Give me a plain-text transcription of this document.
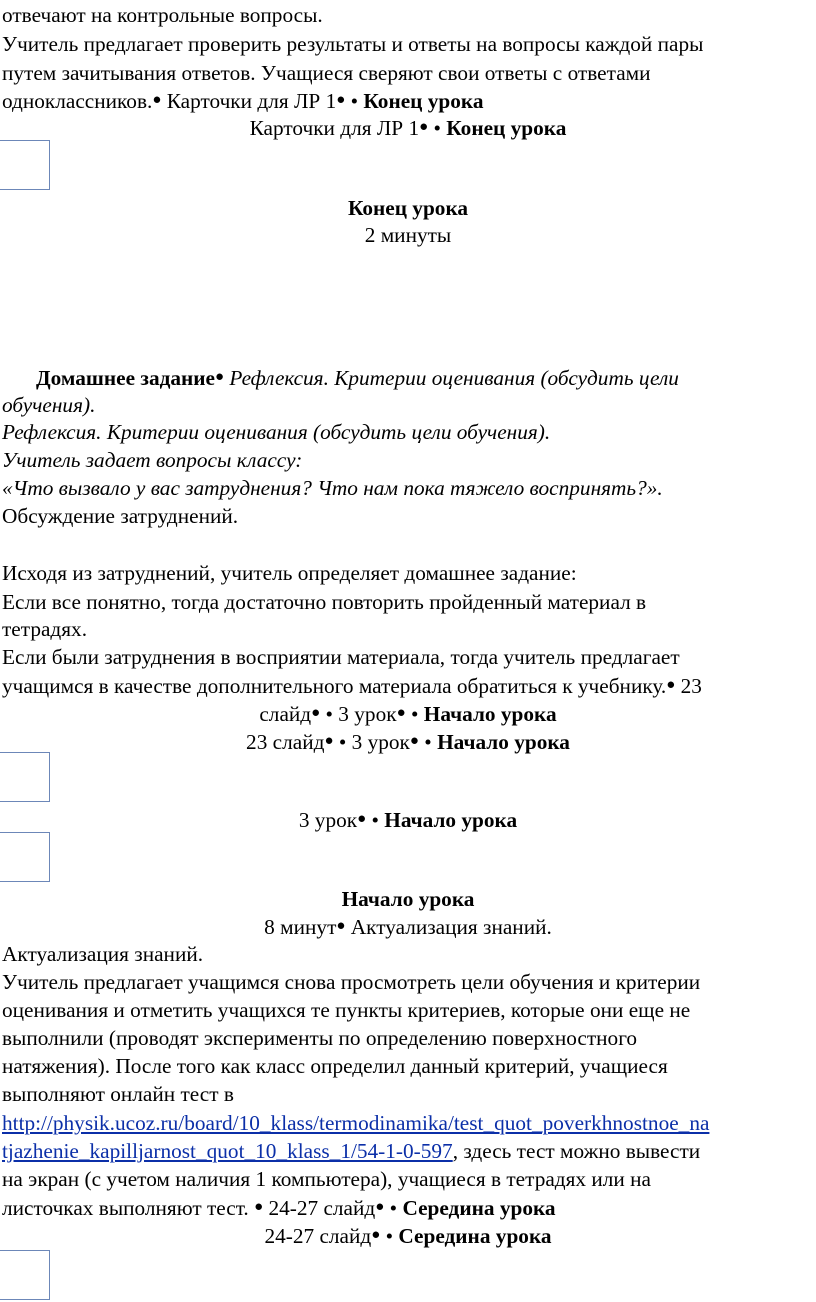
отвечают на контрольные вопросы.
Учитель предлагает проверить результаты и ответы на вопросы каждой пары
путем зачитывания ответов. Учащиеся сверяют свои ответы с ответами
одноклассников.● Карточки для ЛР 1● • Конец урока
Карточки для ЛР 1● • Конец урока
Конец урока
2 минуты
Домашнее задание● Рефлексия. Критерии оценивания (обсудить цели
обучения).
Рефлексия. Критерии оценивания (обсудить цели обучения).
Учитель задает вопросы классу:
«Что вызвало у вас затруднения? Что нам пока тяжело воспринять?».
Обсуждение затруднений.
Исходя из затруднений, учитель определяет домашнее задание:
Если все понятно, тогда достаточно повторить пройденный материал в
тетрадях.
Если были затруднения в восприятии материала, тогда учитель предлагает
учащимся в качестве дополнительного материала обратиться к учебнику.● 23
слайд● • 3 урок● • Начало урока
23 слайд● • 3 урок● • Начало урока
3 урок● • Начало урока
Начало урока
8 минут● Актуализация знаний.
Актуализация знаний.
Учитель предлагает учащимся снова просмотреть цели обучения и критерии
оценивания и отметить учащихся те пункты критериев, которые они еще не
выполнили (проводят эксперименты по определению поверхностного
натяжения). После того как класс определил данный критерий, учащиеся
выполняют онлайн тест в
http://physik.ucoz.ru/board/10_klass/termodinamika/test_quot_poverkhnostnoe_na
tjazhenie_kapilljarnost_quot_10_klass_1/54-1-0-597, здесь тест можно вывести
на экран (с учетом наличия 1 компьютера), учащиеся в тетрадях или на
листочках выполняют тест. ● 24-27 слайд● • Середина урока
24-27 слайд● • Середина урока
